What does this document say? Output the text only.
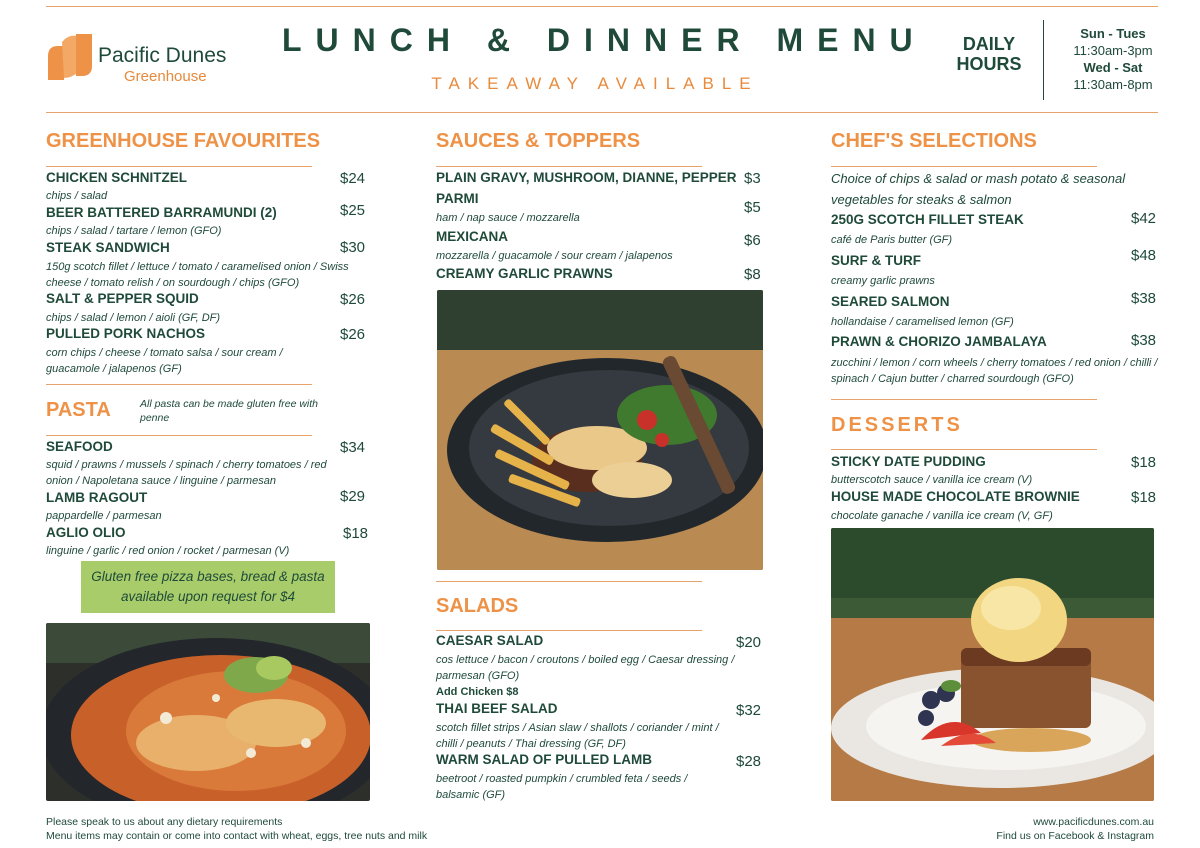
Pacific Dunes
Greenhouse
LUNCH & DINNER MENU
TAKEAWAY AVAILABLE
DAILY HOURS
Sun - Tues
11:30am-3pm
Wed - Sat
11:30am-8pm
GREENHOUSE FAVOURITES
CHICKEN SCHNITZEL	$24
chips / salad
BEER BATTERED BARRAMUNDI (2)	$25
chips / salad / tartare / lemon (GFO)
STEAK SANDWICH	$30
150g scotch fillet / lettuce / tomato / caramelised onion / Swiss cheese / tomato relish / on sourdough / chips (GFO)
SALT & PEPPER SQUID	$26
chips / salad / lemon / aioli (GF, DF)
PULLED PORK NACHOS	$26
corn chips / cheese / tomato salsa / sour cream / guacamole / jalapenos (GF)
PASTA	All pasta can be made gluten free with penne
SEAFOOD	$34
squid / prawns / mussels / spinach / cherry tomatoes / red onion / Napoletana sauce / linguine / parmesan
LAMB RAGOUT	$29
pappardelle / parmesan
AGLIO OLIO	$18
linguine / garlic / red onion / rocket / parmesan (V)
Gluten free pizza bases, bread & pasta available upon request for $4
SAUCES & TOPPERS
PLAIN GRAVY, MUSHROOM, DIANNE, PEPPER $3
PARMI
$5
ham / nap sauce / mozzarella
MEXICANA	$6
mozzarella / guacamole / sour cream / jalapenos
CREAMY GARLIC PRAWNS	$8
SALADS
CAESAR SALAD	$20
cos lettuce / bacon / croutons / boiled egg / Caesar dressing / parmesan (GFO)
Add Chicken $8
THAI BEEF SALAD	$32
scotch fillet strips / Asian slaw / shallots / coriander / mint / chilli / peanuts / Thai dressing (GF, DF)
WARM SALAD OF PULLED LAMB	$28
beetroot / roasted pumpkin / crumbled feta / seeds / balsamic (GF)
CHEF'S SELECTIONS
Choice of chips & salad or mash potato & seasonal vegetables for steaks & salmon
250G SCOTCH FILLET STEAK	$42
café de Paris butter (GF)
SURF & TURF	$48
creamy garlic prawns
SEARED SALMON	$38
hollandaise / caramelised lemon (GF)
PRAWN & CHORIZO JAMBALAYA	$38
zucchini / lemon / corn wheels / cherry tomatoes / red onion / chilli / spinach / Cajun butter / charred sourdough (GFO)
DESSERTS
STICKY DATE PUDDING	$18
butterscotch sauce / vanilla ice cream (V)
HOUSE MADE CHOCOLATE BROWNIE	$18
chocolate ganache / vanilla ice cream (V, GF)
Please speak to us about any dietary requirements
Menu items may contain or come into contact with wheat, eggs, tree nuts and milk
www.pacificdunes.com.au
Find us on Facebook & Instagram
